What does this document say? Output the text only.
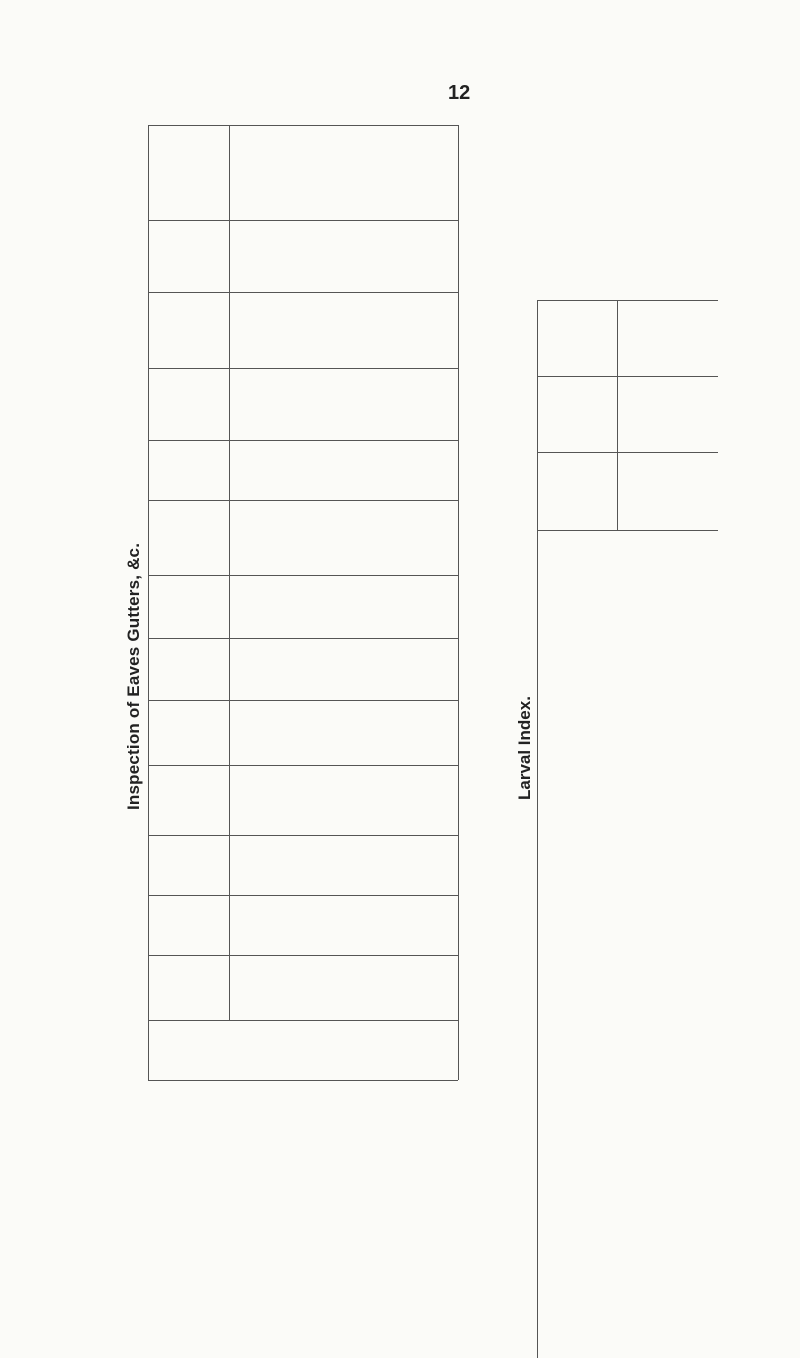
12
Inspection of Eaves Gutters, &c.	Larval Index.
